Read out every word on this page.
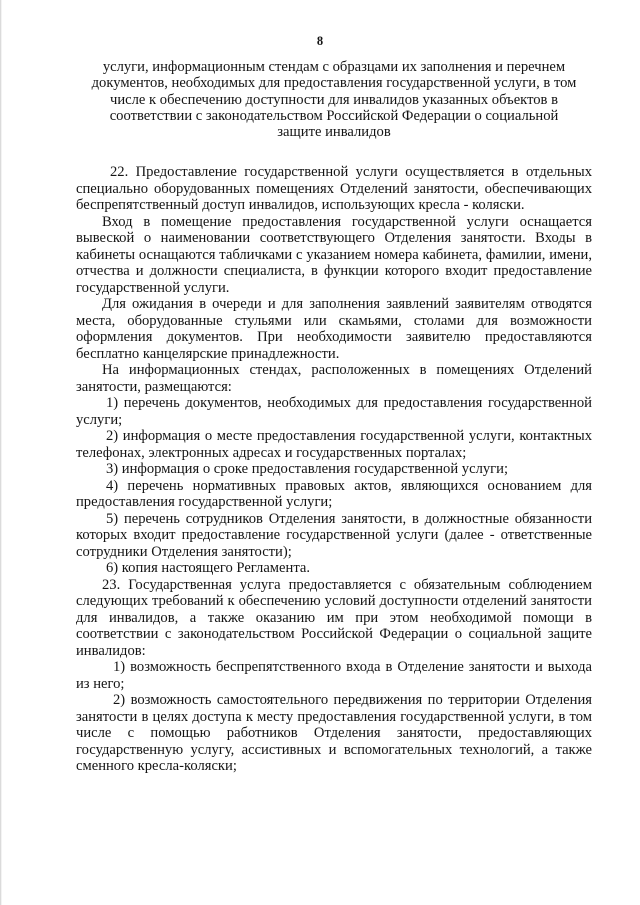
8
услуги, информационным стендам с образцами их заполнения и перечнем
документов, необходимых для предоставления государственной услуги, в том
числе к обеспечению доступности для инвалидов указанных объектов в
соответствии с законодательством Российской Федерации о социальной
защите инвалидов

22. Предоставление государственной услуги осуществляется в отдельных специально оборудованных помещениях Отделений занятости, обеспечивающих беспрепятственный доступ инвалидов, использующих кресла - коляски.

Вход в помещение предоставления государственной услуги оснащается вывеской о наименовании соответствующего Отделения занятости. Входы в кабинеты оснащаются табличками с указанием номера кабинета, фамилии, имени, отчества и должности специалиста, в функции которого входит предоставление государственной услуги.

Для ожидания в очереди и для заполнения заявлений заявителям отводятся места, оборудованные стульями или скамьями, столами для возможности оформления документов. При необходимости заявителю предоставляются бесплатно канцелярские принадлежности.

На информационных стендах, расположенных в помещениях Отделений занятости, размещаются:

1) перечень документов, необходимых для предоставления государственной услуги;

2) информация о месте предоставления государственной услуги, контактных телефонах, электронных адресах и государственных порталах;

3) информация о сроке предоставления государственной услуги;

4) перечень нормативных правовых актов, являющихся основанием для предоставления государственной услуги;

5) перечень сотрудников Отделения занятости, в должностные обязанности которых входит предоставление государственной услуги (далее - ответственные сотрудники Отделения занятости);

6) копия настоящего Регламента.

23. Государственная услуга предоставляется с обязательным соблюдением следующих требований к обеспечению условий доступности отделений занятости для инвалидов, а также оказанию им при этом необходимой помощи в соответствии с законодательством Российской Федерации о социальной защите инвалидов:

1) возможность беспрепятственного входа в Отделение занятости и выхода из него;

2) возможность самостоятельного передвижения по территории Отделения занятости в целях доступа к месту предоставления государственной услуги, в том числе с помощью работников Отделения занятости, предоставляющих государственную услугу, ассистивных и вспомогательных технологий, а также сменного кресла-коляски;
